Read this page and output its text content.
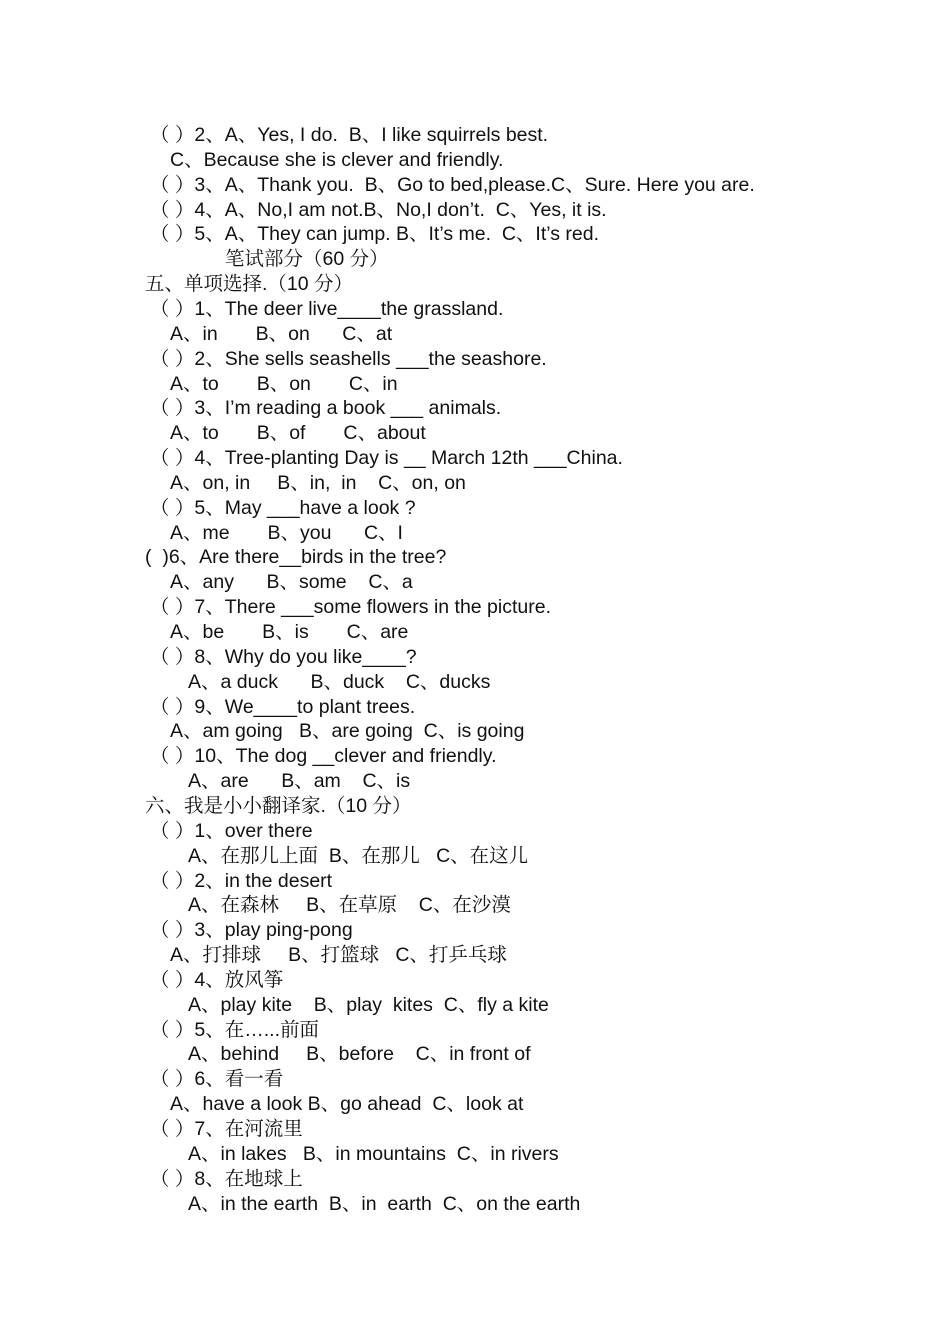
（ ）2、A、Yes, I do.  B、I like squirrels best.
C、Because she is clever and friendly.
（ ）3、A、Thank you.  B、Go to bed,please.C、Sure. Here you are.
（ ）4、A、No,I am not.B、No,I don’t.  C、Yes, it is.
（ ）5、A、They can jump. B、It’s me.  C、It’s red.
笔试部分（60 分）
五、单项选择.（10 分）
（ ）1、The deer live____the grassland.
A、in       B、on      C、at
（ ）2、She sells seashells ___the seashore.
A、to       B、on       C、in
（ ）3、I’m reading a book ___ animals.
A、to       B、of       C、about
（ ）4、Tree-planting Day is __ March 12th ___China.
A、on, in     B、in,  in    C、on, on
（ ）5、May ___have a look ?
A、me       B、you      C、I
(  )6、Are there__birds in the tree?
A、any      B、some    C、a
（ ）7、There ___some flowers in the picture.
A、be       B、is       C、are
（ ）8、Why do you like____?
A、a duck      B、duck    C、ducks
（ ）9、We____to plant trees.
A、am going   B、are going  C、is going
（ ）10、The dog __clever and friendly.
A、are      B、am    C、is
六、我是小小翻译家.（10 分）
（ ）1、over there
A、在那儿上面  B、在那儿   C、在这儿
（ ）2、in the desert
A、在森林     B、在草原    C、在沙漠
（ ）3、play ping-pong
A、打排球     B、打篮球   C、打乒乓球
（ ）4、放风筝
A、play kite    B、play  kites  C、fly a kite
（ ）5、在…...前面
A、behind     B、before    C、in front of
（ ）6、看一看
A、have a look B、go ahead  C、look at
（ ）7、在河流里
A、in lakes   B、in mountains  C、in rivers
（ ）8、在地球上
A、in the earth  B、in  earth  C、on the earth
